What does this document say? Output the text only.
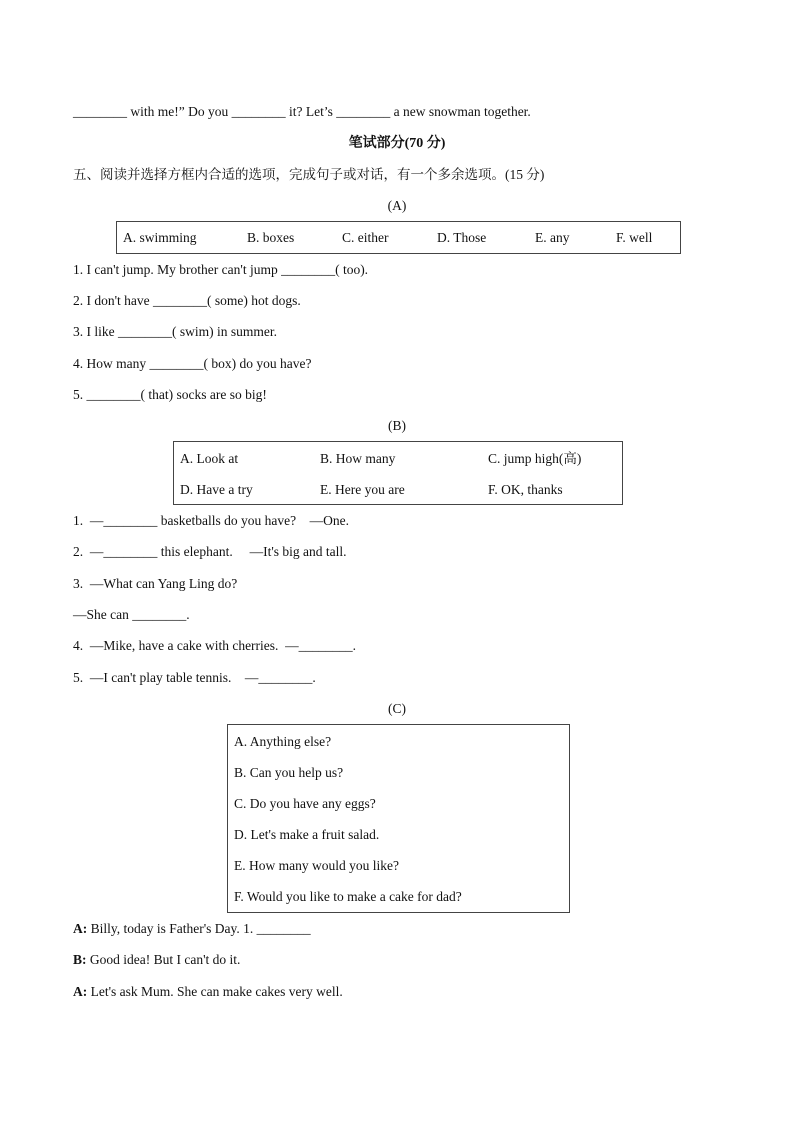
________ with me!” Do you ________ it? Let’s ________ a new snowman together.
笔试部分(70 分)
五、阅读并选择方框内合适的选项，完成句子或对话，有一个多余选项。(15 分)
(A)
A. swimming	B. boxes	C. either	D. Those	E. any	F. well
1. I can't jump. My brother can't jump ________( too).
2. I don't have ________( some) hot dogs.
3. I like ________( swim) in summer.
4. How many ________( box) do you have?
5. ________( that) socks are so big!
(B)
A. Look at	B. How many	C. jump high(高)
D. Have a try	E. Here you are	F. OK, thanks
1.  —________ basketballs do you have?    —One.
2.  —________ this elephant.     —It's big and tall.
3.  —What can Yang Ling do?
—She can ________.
4.  —Mike, have a cake with cherries.  —________.
5.  —I can't play table tennis.    —________.
(C)
A. Anything else?
B. Can you help us?
C. Do you have any eggs?
D. Let's make a fruit salad.
E. How many would you like?
F. Would you like to make a cake for dad?
A: Billy, today is Father's Day. 1. ________
B: Good idea! But I can't do it.
A: Let's ask Mum. She can make cakes very well.
